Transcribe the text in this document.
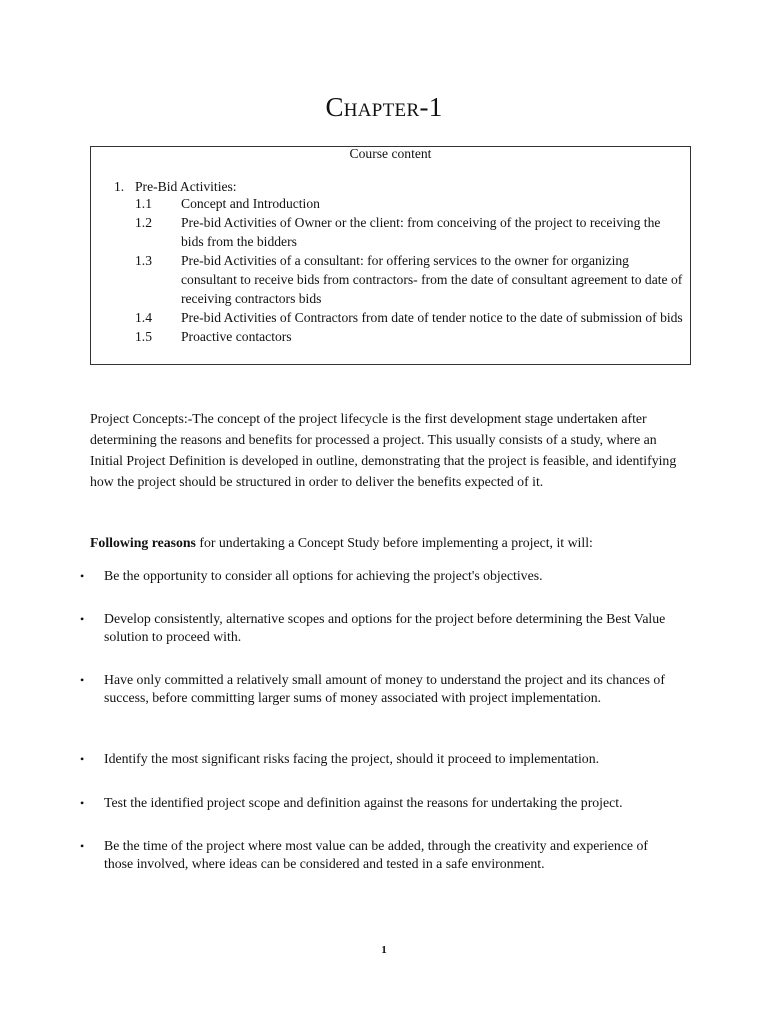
Chapter-1
Course content
1. Pre-Bid Activities:
1.1	Concept and Introduction
1.2	Pre-bid Activities of Owner or the client: from conceiving of the project to receiving the bids from the bidders
1.3	Pre-bid Activities of a consultant: for offering services to the owner for organizing consultant to receive bids from contractors- from the date of consultant agreement to date of receiving contractors bids
1.4	Pre-bid Activities of Contractors from date of tender notice to the date of submission of bids
1.5	Proactive contactors
Project Concepts:-The concept of the project lifecycle is the first development stage undertaken after determining the reasons and benefits for processed a project. This usually consists of a study, where an Initial Project Definition is developed in outline, demonstrating that the project is feasible, and identifying how the project should be structured in order to deliver the benefits expected of it.
Following reasons for undertaking a Concept Study before implementing a project, it will:
•	Be the opportunity to consider all options for achieving the project's objectives.
•	Develop consistently, alternative scopes and options for the project before determining the Best Value solution to proceed with.
•	Have only committed a relatively small amount of money to understand the project and its chances of success, before committing larger sums of money associated with project implementation.
•	Identify the most significant risks facing the project, should it proceed to implementation.
•	Test the identified project scope and definition against the reasons for undertaking the project.
•	Be the time of the project where most value can be added, through the creativity and experience of those involved, where ideas can be considered and tested in a safe environment.
1
